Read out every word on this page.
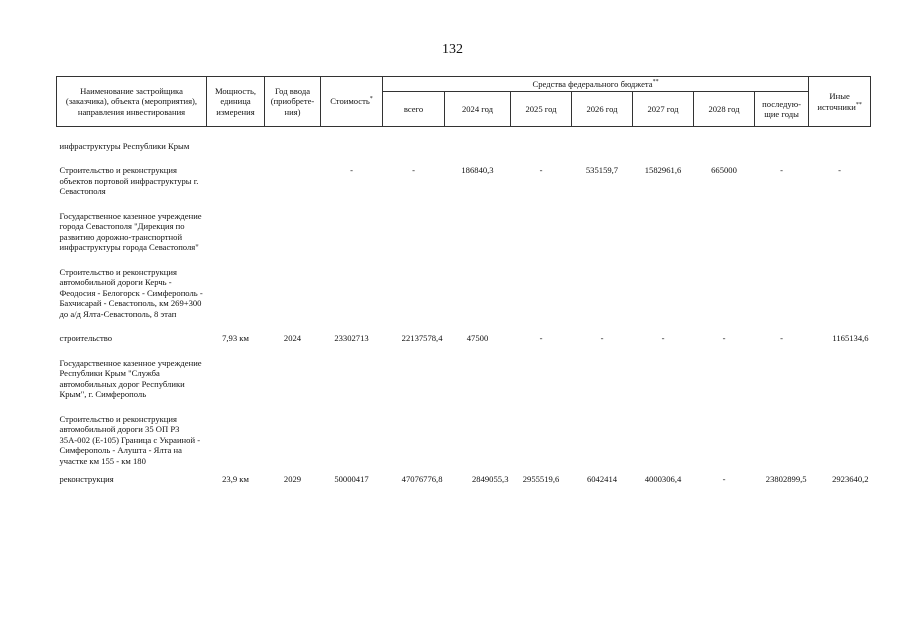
132
Наименование застройщика (заказчика), объекта (мероприятия), направления инвестирования	Мощность, единица измерения	Год ввода (приобрете-ния)	Стоимость*	Средства федерального бюджета**							Иные источники**
				всего	2024 год	2025 год	2026 год	2027 год	2028 год	последую-щие годы	

инфраструктуры Республики Крым											

Строительство и реконструкция объектов портовой инфраструктуры г. Севастополя			-	-	186840,3	-	535159,7	1582961,6	665000	-	-

Государственное казенное учреждение города Севастополя "Дирекция по развитию дорожно-транспортной инфраструктуры города Севастополя"											

Строительство и реконструкция автомобильной дороги Керчь - Феодосия - Белогорск - Симферополь - Бахчисарай - Севастополь, км 269+300 до а/д Ялта-Севастополь, 8 этап											

строительство	7,93 км	2024	23302713	22137578,4	47500	-	-	-	-	-	1165134,6

Государственное казенное учреждение Республики Крым "Служба автомобильных дорог Республики Крым", г. Симферополь											

Строительство и реконструкция автомобильной дороги 35 ОП Р3 35А-002 (Е-105) Граница с Украиной - Симферополь - Алушта - Ялта на участке км 155 - км 180											
реконструкция	23,9 км	2029	50000417	47076776,8	2849055,3	2955519,6	6042414	4000306,4	-	23802899,5	2923640,2
